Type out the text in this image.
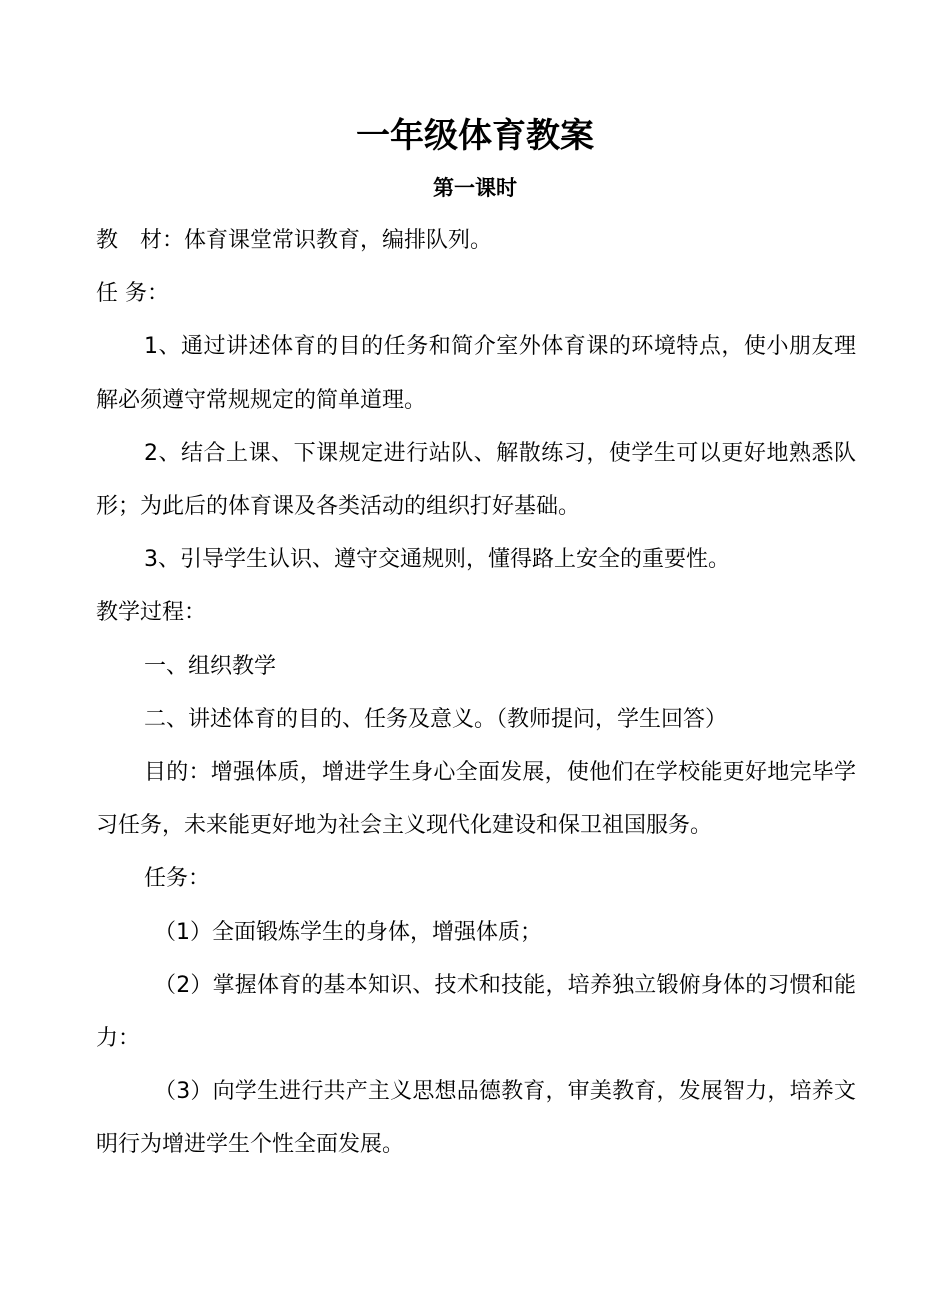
一年级体育教案
第一课时

教　材：体育课堂常识教育，编排队列。

任 务：

1、通过讲述体育的目的任务和简介室外体育课的环境特点，使小朋友理解必须遵守常规规定的简单道理。

2、结合上课、下课规定进行站队、解散练习，使学生可以更好地熟悉队形；为此后的体育课及各类活动的组织打好基础。

3、引导学生认识、遵守交通规则，懂得路上安全的重要性。

教学过程：

一、组织教学

二、讲述体育的目的、任务及意义。（教师提问，学生回答）

目的：增强体质，增进学生身心全面发展，使他们在学校能更好地完毕学习任务，未来能更好地为社会主义现代化建设和保卫祖国服务。

任务：

（1）全面锻炼学生的身体，增强体质；

（2）掌握体育的基本知识、技术和技能，培养独立锻俯身体的习惯和能力：

（3）向学生进行共产主义思想品德教育，审美教育，发展智力，培养文明行为增进学生个性全面发展。
